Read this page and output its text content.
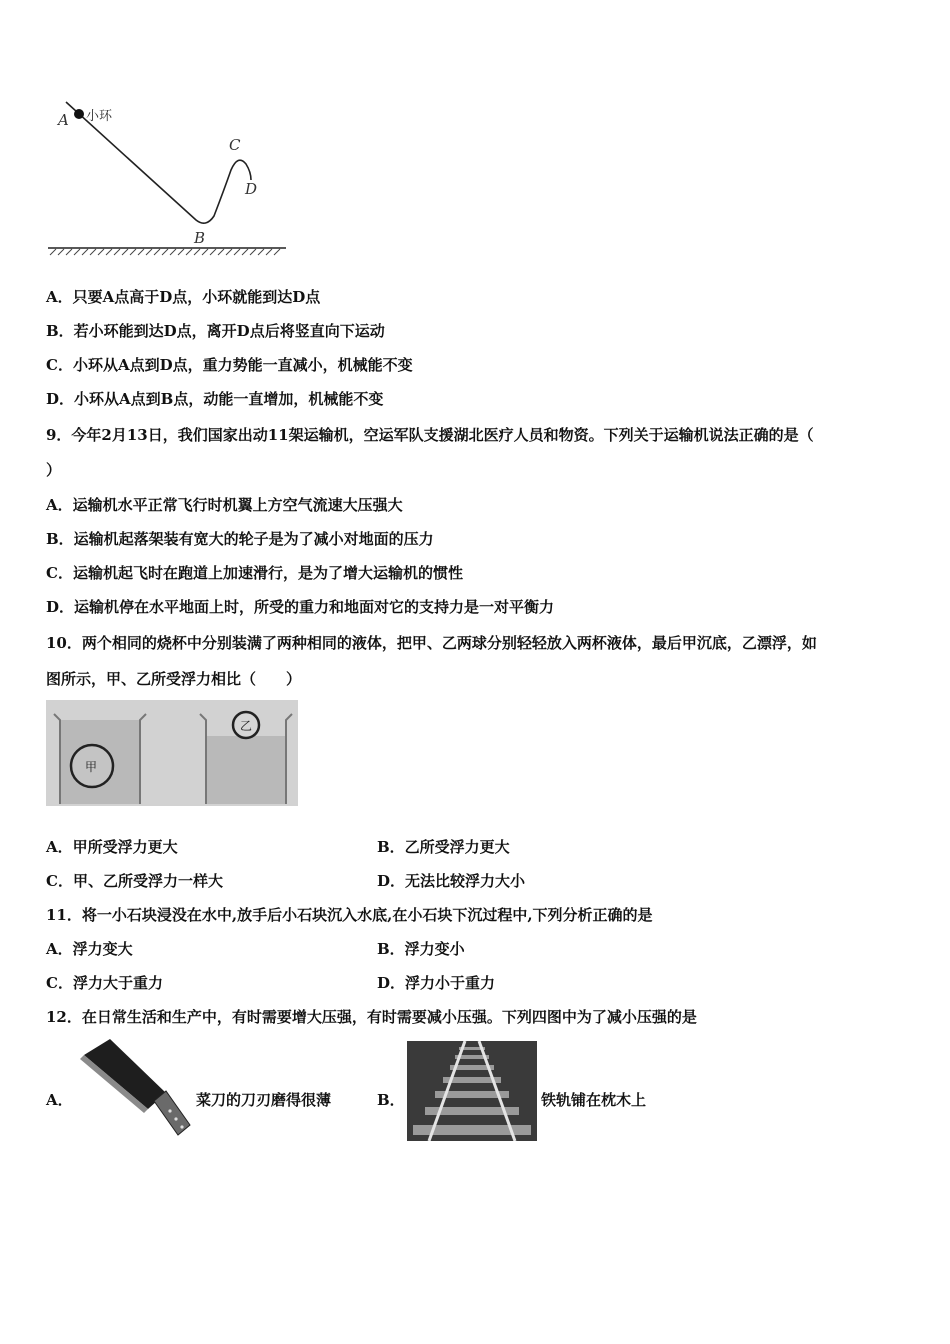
小环
A
C
D
B
A．只要A点高于D点，小环就能到达D点
B．若小环能到达D点，离开D点后将竖直向下运动
C．小环从A点到D点，重力势能一直减小，机械能不变
D．小环从A点到B点，动能一直增加，机械能不变
9．今年2月13日，我们国家出动11架运输机，空运军队支援湖北医疗人员和物资。下列关于运输机说法正确的是（
）
A．运输机水平正常飞行时机翼上方空气流速大压强大
B．运输机起落架装有宽大的轮子是为了减小对地面的压力
C．运输机起飞时在跑道上加速滑行，是为了增大运输机的惯性
D．运输机停在水平地面上时，所受的重力和地面对它的支持力是一对平衡力
10．两个相同的烧杯中分别装满了两种相同的液体，把甲、乙两球分别轻轻放入两杯液体，最后甲沉底，乙漂浮，如
图所示，甲、乙所受浮力相比（　　）
甲
乙
A．甲所受浮力更大	B．乙所受浮力更大
C．甲、乙所受浮力一样大	D．无法比较浮力大小
11．将一小石块浸没在水中,放手后小石块沉入水底,在小石块下沉过程中,下列分析正确的是
A．浮力变大	B．浮力变小
C．浮力大于重力	D．浮力小于重力
12．在日常生活和生产中，有时需要增大压强，有时需要减小压强。下列四图中为了减小压强的是
A．	菜刀的刀刃磨得很薄	B．	铁轨铺在枕木上
